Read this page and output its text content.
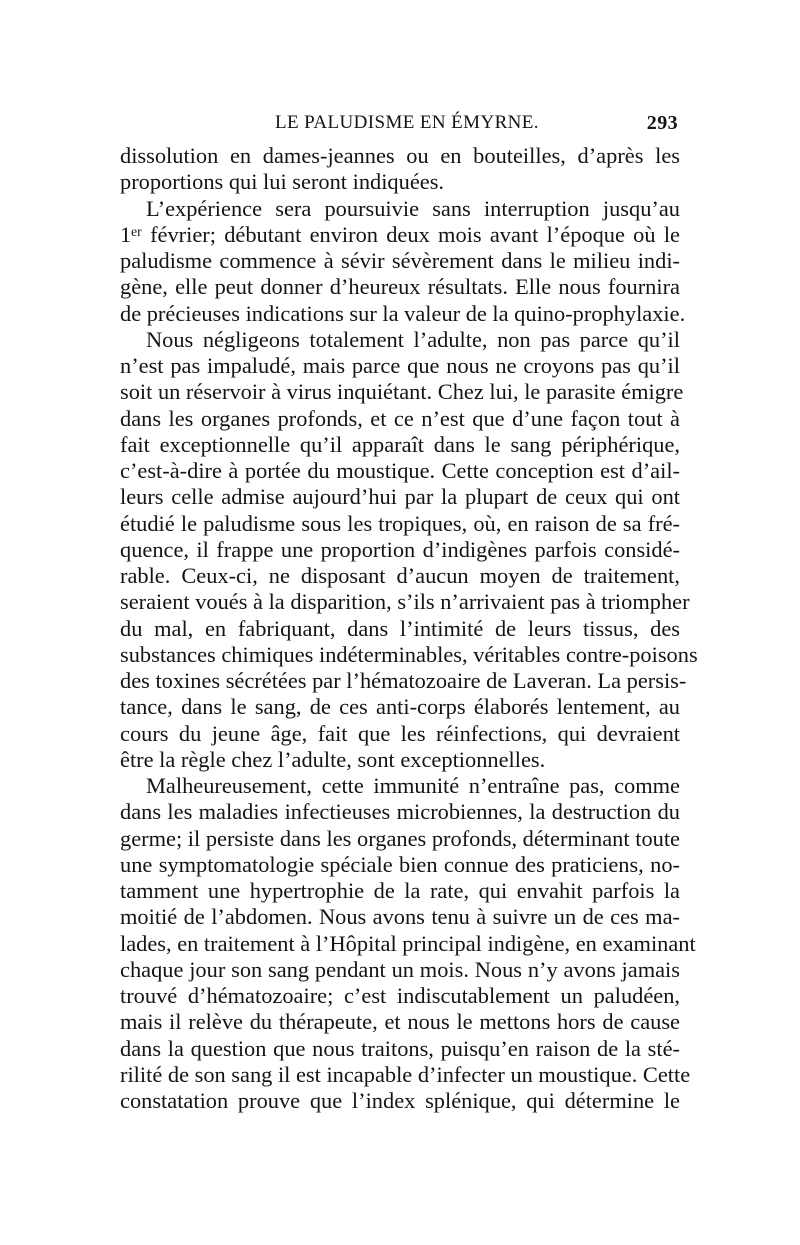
LE PALUDISME EN ÉMYRNE.	293
dissolution en dames-jeannes ou en bouteilles, d’après les
proportions qui lui seront indiquées.
L’expérience sera poursuivie sans interruption jusqu’au
1ᵉʳ février; débutant environ deux mois avant l’époque où le
paludisme commence à sévir sévèrement dans le milieu indi-
gène, elle peut donner d’heureux résultats. Elle nous fournira
de précieuses indications sur la valeur de la quino-prophylaxie.
Nous négligeons totalement l’adulte, non pas parce qu’il
n’est pas impaludé, mais parce que nous ne croyons pas qu’il
soit un réservoir à virus inquiétant. Chez lui, le parasite émigre
dans les organes profonds, et ce n’est que d’une façon tout à
fait exceptionnelle qu’il apparaît dans le sang périphérique,
c’est-à-dire à portée du moustique. Cette conception est d’ail-
leurs celle admise aujourd’hui par la plupart de ceux qui ont
étudié le paludisme sous les tropiques, où, en raison de sa fré-
quence, il frappe une proportion d’indigènes parfois considé-
rable. Ceux-ci, ne disposant d’aucun moyen de traitement,
seraient voués à la disparition, s’ils n’arrivaient pas à triompher
du mal, en fabriquant, dans l’intimité de leurs tissus, des
substances chimiques indéterminables, véritables contre-poisons
des toxines sécrétées par l’hématozoaire de Laveran. La persis-
tance, dans le sang, de ces anti-corps élaborés lentement, au
cours du jeune âge, fait que les réinfections, qui devraient
être la règle chez l’adulte, sont exceptionnelles.
Malheureusement, cette immunité n’entraîne pas, comme
dans les maladies infectieuses microbiennes, la destruction du
germe; il persiste dans les organes profonds, déterminant toute
une symptomatologie spéciale bien connue des praticiens, no-
tamment une hypertrophie de la rate, qui envahit parfois la
moitié de l’abdomen. Nous avons tenu à suivre un de ces ma-
lades, en traitement à l’Hôpital principal indigène, en examinant
chaque jour son sang pendant un mois. Nous n’y avons jamais
trouvé d’hématozoaire; c’est indiscutablement un paludéen,
mais il relève du thérapeute, et nous le mettons hors de cause
dans la question que nous traitons, puisqu’en raison de la sté-
rilité de son sang il est incapable d’infecter un moustique. Cette
constatation prouve que l’index splénique, qui détermine le
